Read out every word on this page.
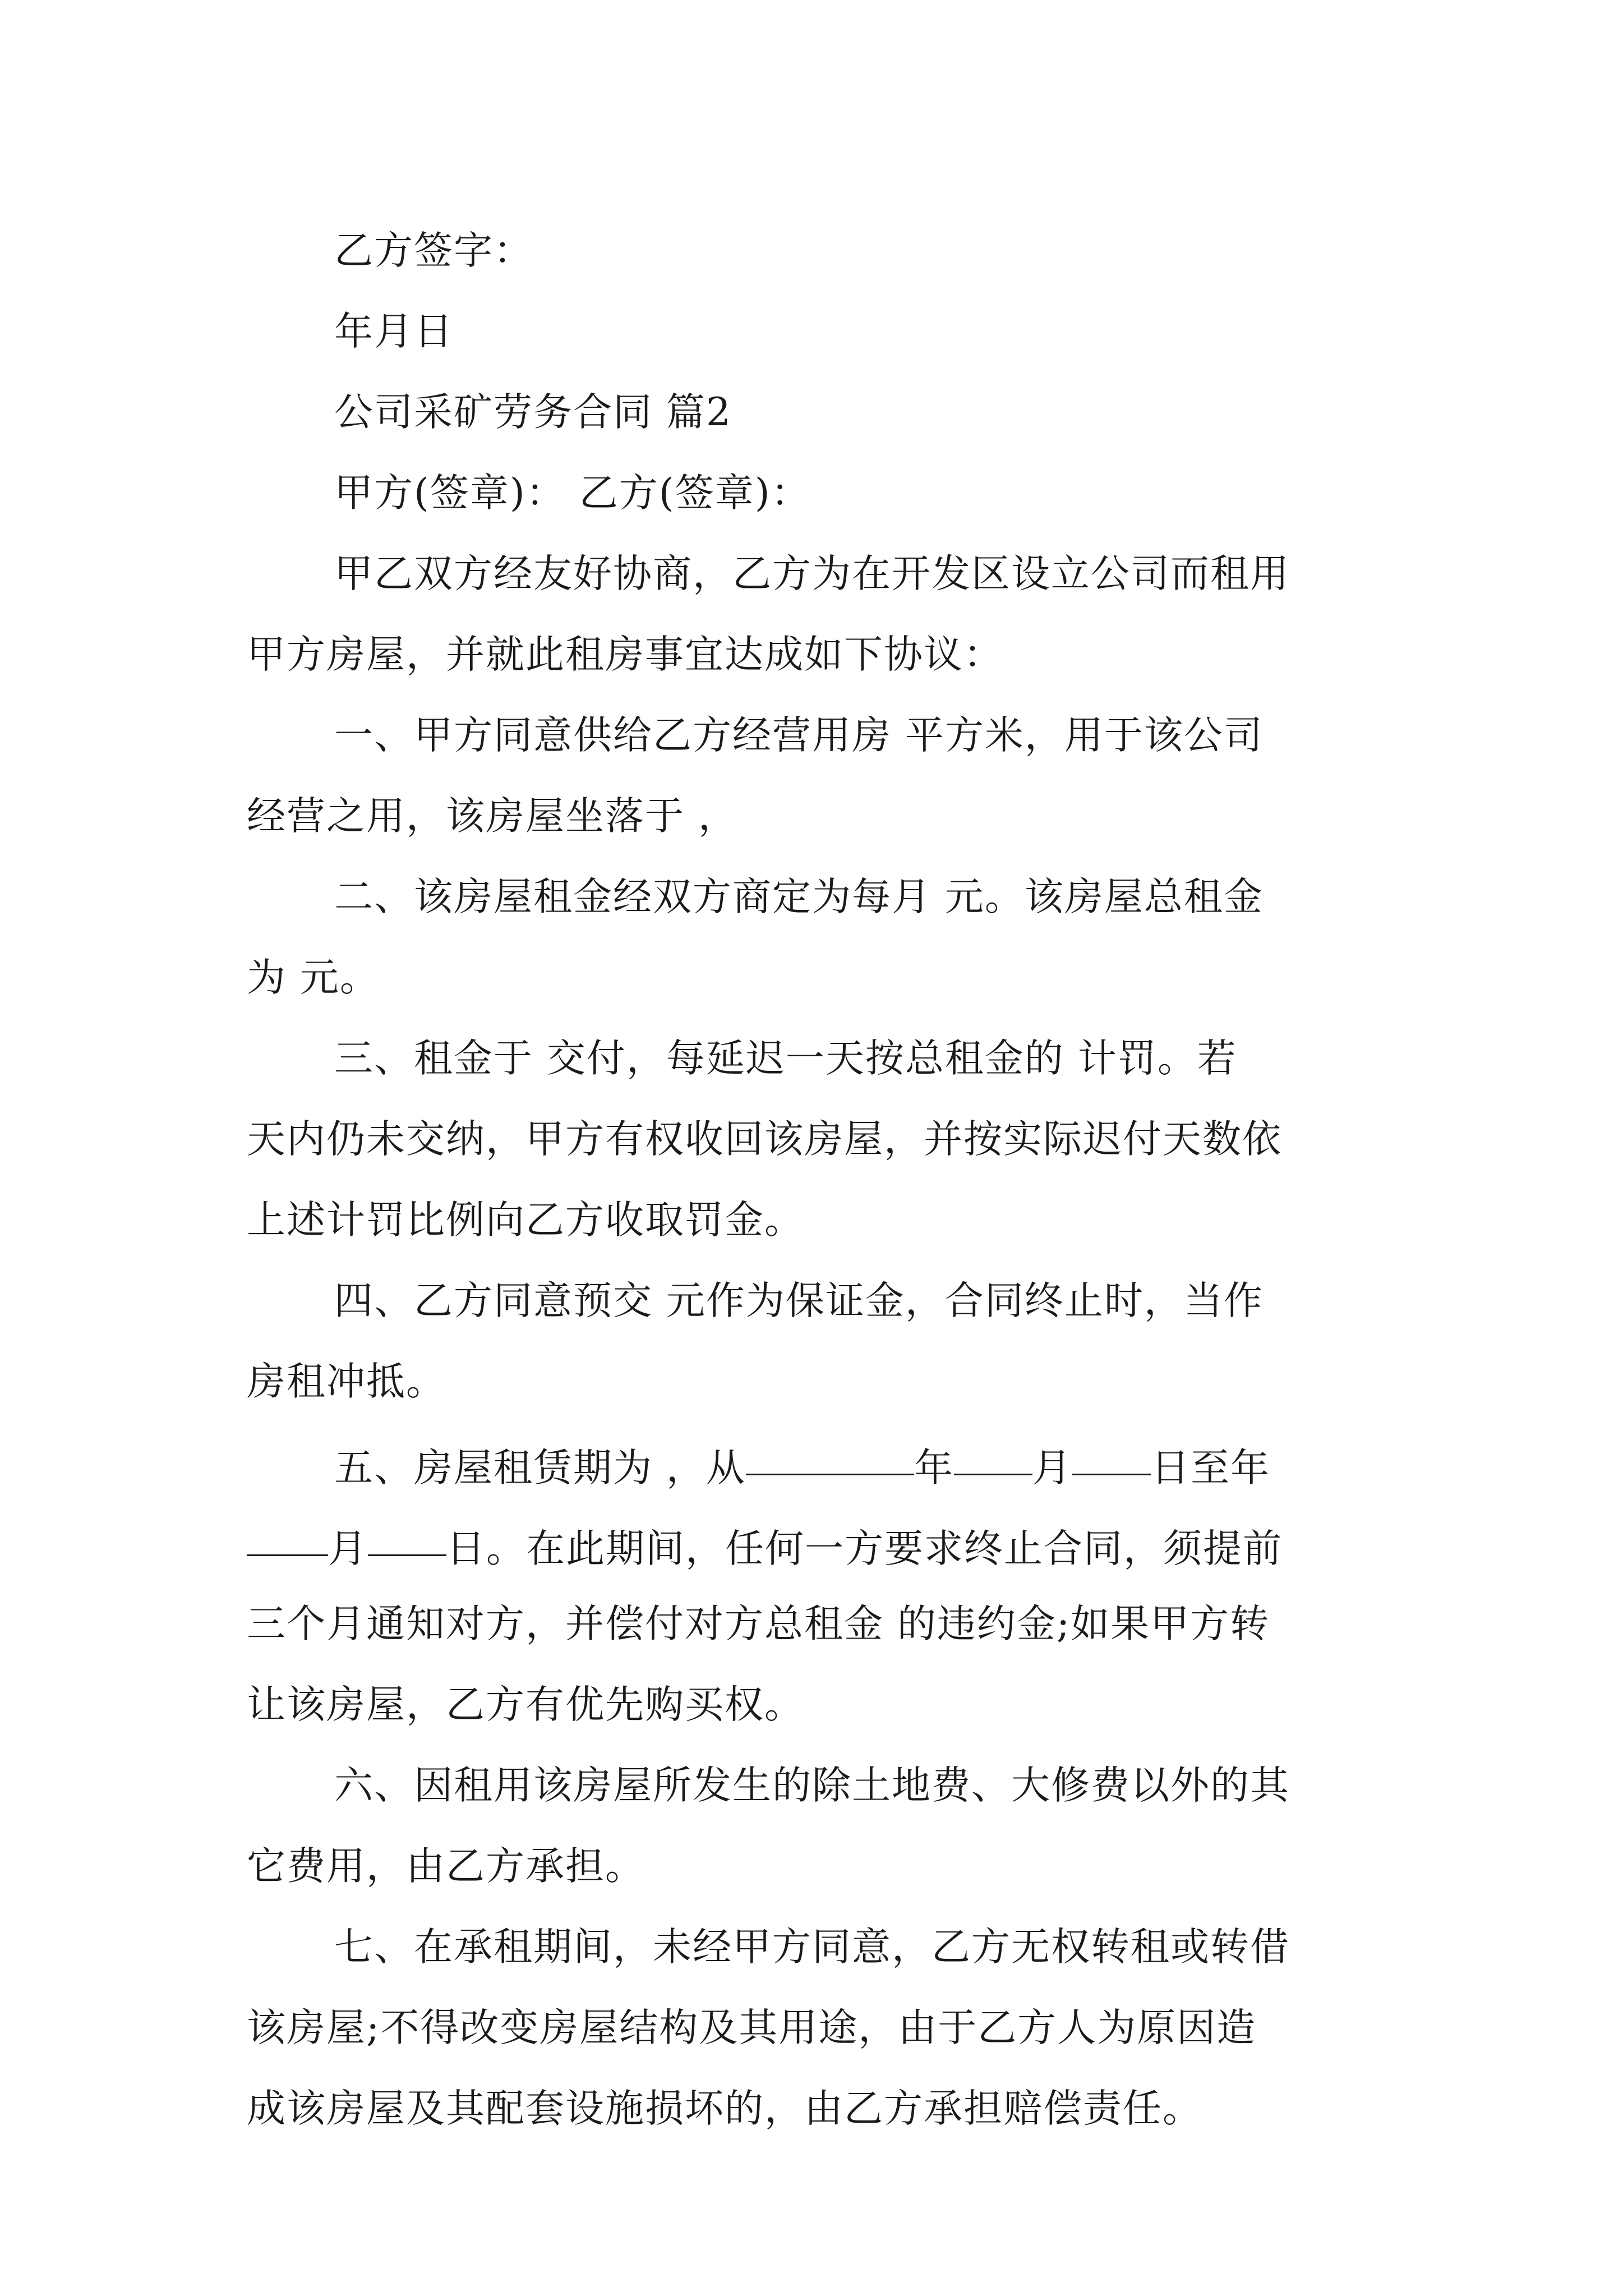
乙方签字：
年月日
公司采矿劳务合同 篇2
甲方(签章)： 乙方(签章)：
甲乙双方经友好协商，乙方为在开发区设立公司而租用
甲方房屋，并就此租房事宜达成如下协议：
一、甲方同意供给乙方经营用房 平方米，用于该公司
经营之用，该房屋坐落于 ，
二、该房屋租金经双方商定为每月 元。该房屋总租金
为 元。
三、租金于 交付，每延迟一天按总租金的 计罚。若
天内仍未交纳，甲方有权收回该房屋，并按实际迟付天数依
上述计罚比例向乙方收取罚金。
四、乙方同意预交 元作为保证金，合同终止时，当作
房租冲抵。
五、房屋租赁期为 ，从	年 月 日至年
月 日。在此期间，任何一方要求终止合同，须提前
三个月通知对方，并偿付对方总租金 的违约金;如果甲方转
让该房屋，乙方有优先购买权。
六、因租用该房屋所发生的除土地费、大修费以外的其
它费用，由乙方承担。
七、在承租期间，未经甲方同意，乙方无权转租或转借
该房屋;不得改变房屋结构及其用途，由于乙方人为原因造
成该房屋及其配套设施损坏的，由乙方承担赔偿责任。
